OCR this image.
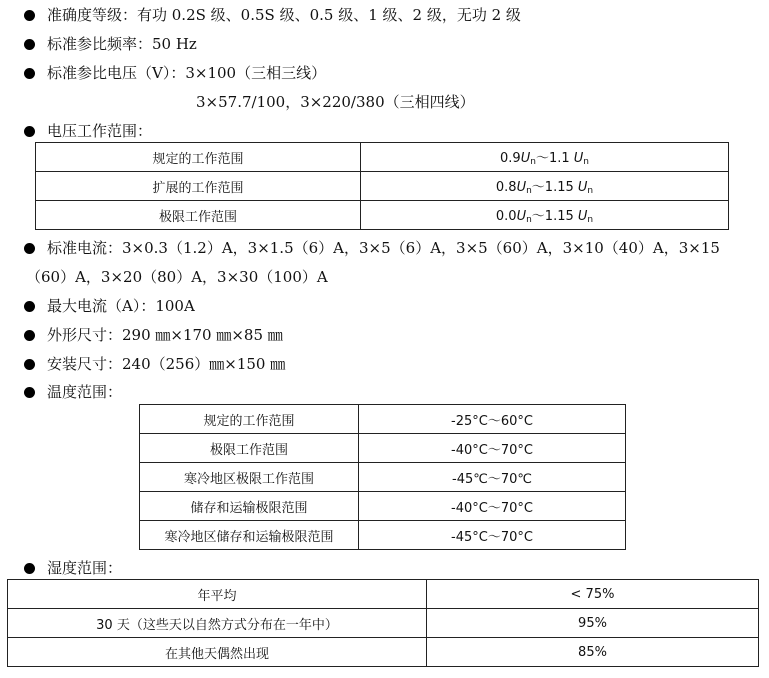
准确度等级：有功 0.2S 级、0.5S 级、0.5 级、1 级、2 级，无功 2 级
标准参比频率：50 Hz
标准参比电压（V）：3×100（三相三线）
3×57.7/100，3×220/380（三相四线）
电压工作范围：
规定的工作范围	$0.9U_n\sim 1.1$ $U_n$
扩展的工作范围	$0.8U_n\sim 1.15$ $U_n$
极限工作范围	$0.0U_n\sim 1.15$ $U_n$
标准电流：3×0.3（1.2）A，3×1.5（6）A，3×5（6）A，3×5（60）A，3×10（40）A，3×15
（60）A，3×20（80）A，3×30（100）A
最大电流（A）：100A
外形尺寸：290 ㎜×170 ㎜×85 ㎜
安装尺寸：240（256）㎜×150 ㎜
温度范围：
规定的工作范围	-25°C～60°C
极限工作范围	-40°C～70°C
寒冷地区极限工作范围	-45℃～70℃
储存和运输极限范围	-40°C～70°C
寒冷地区储存和运输极限范围	-45°C～70°C
湿度范围：
年平均	< 75%
30 天（这些天以自然方式分布在一年中）	95%
在其他天偶然出现	85%
